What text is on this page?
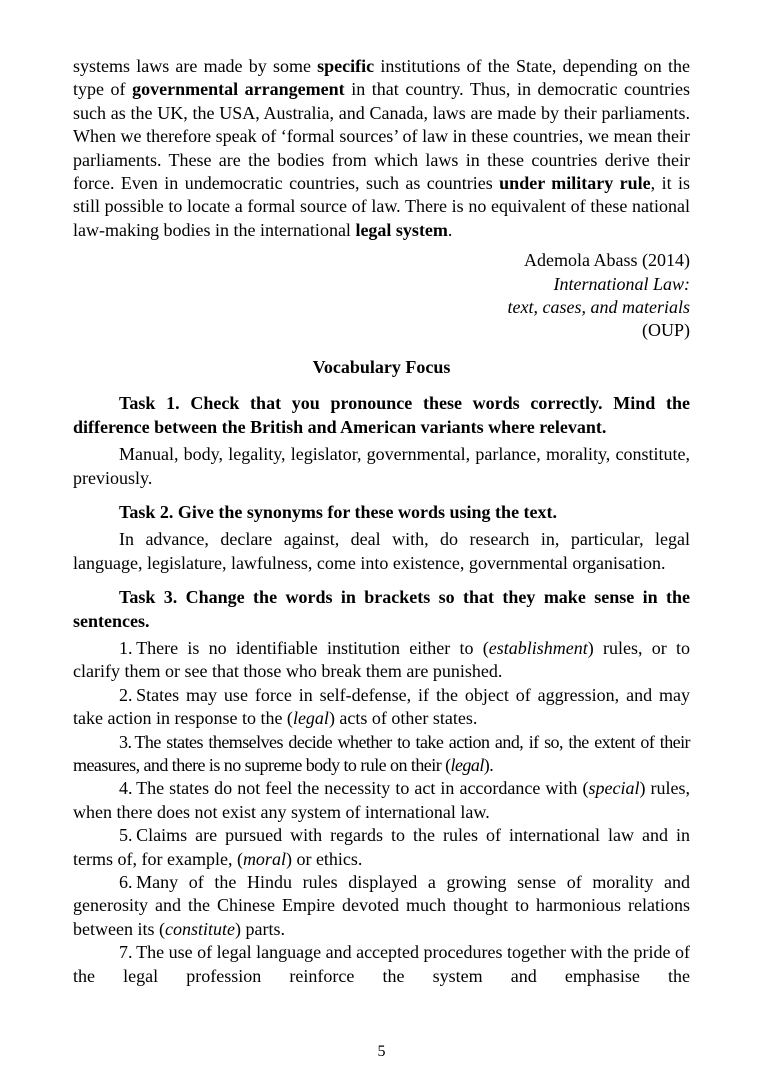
systems laws are made by some specific institutions of the State, depending on the type of governmental arrangement in that country. Thus, in democratic countries such as the UK, the USA, Australia, and Canada, laws are made by their parliaments. When we therefore speak of ‘formal sources’ of law in these countries, we mean their parliaments. These are the bodies from which laws in these countries derive their force. Even in undemocratic countries, such as countries under military rule, it is still possible to locate a formal source of law. There is no equivalent of these national law-making bodies in the international legal system.

Ademola Abass (2014)
International Law:
text, cases, and materials
(OUP)

Vocabulary Focus

Task 1. Check that you pronounce these words correctly. Mind the difference between the British and American variants where relevant.

Manual, body, legality, legislator, governmental, parlance, morality, constitute, previously.

Task 2. Give the synonyms for these words using the text.

In advance, declare against, deal with, do research in, particular, legal language, legislature, lawfulness, come into existence, governmental organisation.

Task 3. Change the words in brackets so that they make sense in the sentences.

1. There is no identifiable institution either to (establishment) rules, or to clarify them or see that those who break them are punished.

2. States may use force in self-defense, if the object of aggression, and may take action in response to the (legal) acts of other states.

3. The states themselves decide whether to take action and, if so, the extent of their measures, and there is no supreme body to rule on their (legal).

4. The states do not feel the necessity to act in accordance with (special) rules, when there does not exist any system of international law.

5. Claims are pursued with regards to the rules of international law and in terms of, for example, (moral) or ethics.

6. Many of the Hindu rules displayed a growing sense of morality and generosity and the Chinese Empire devoted much thought to harmonious relations between its (constitute) parts.

7. The use of legal language and accepted procedures together with the pride of the legal profession reinforce the system and emphasise the

5
